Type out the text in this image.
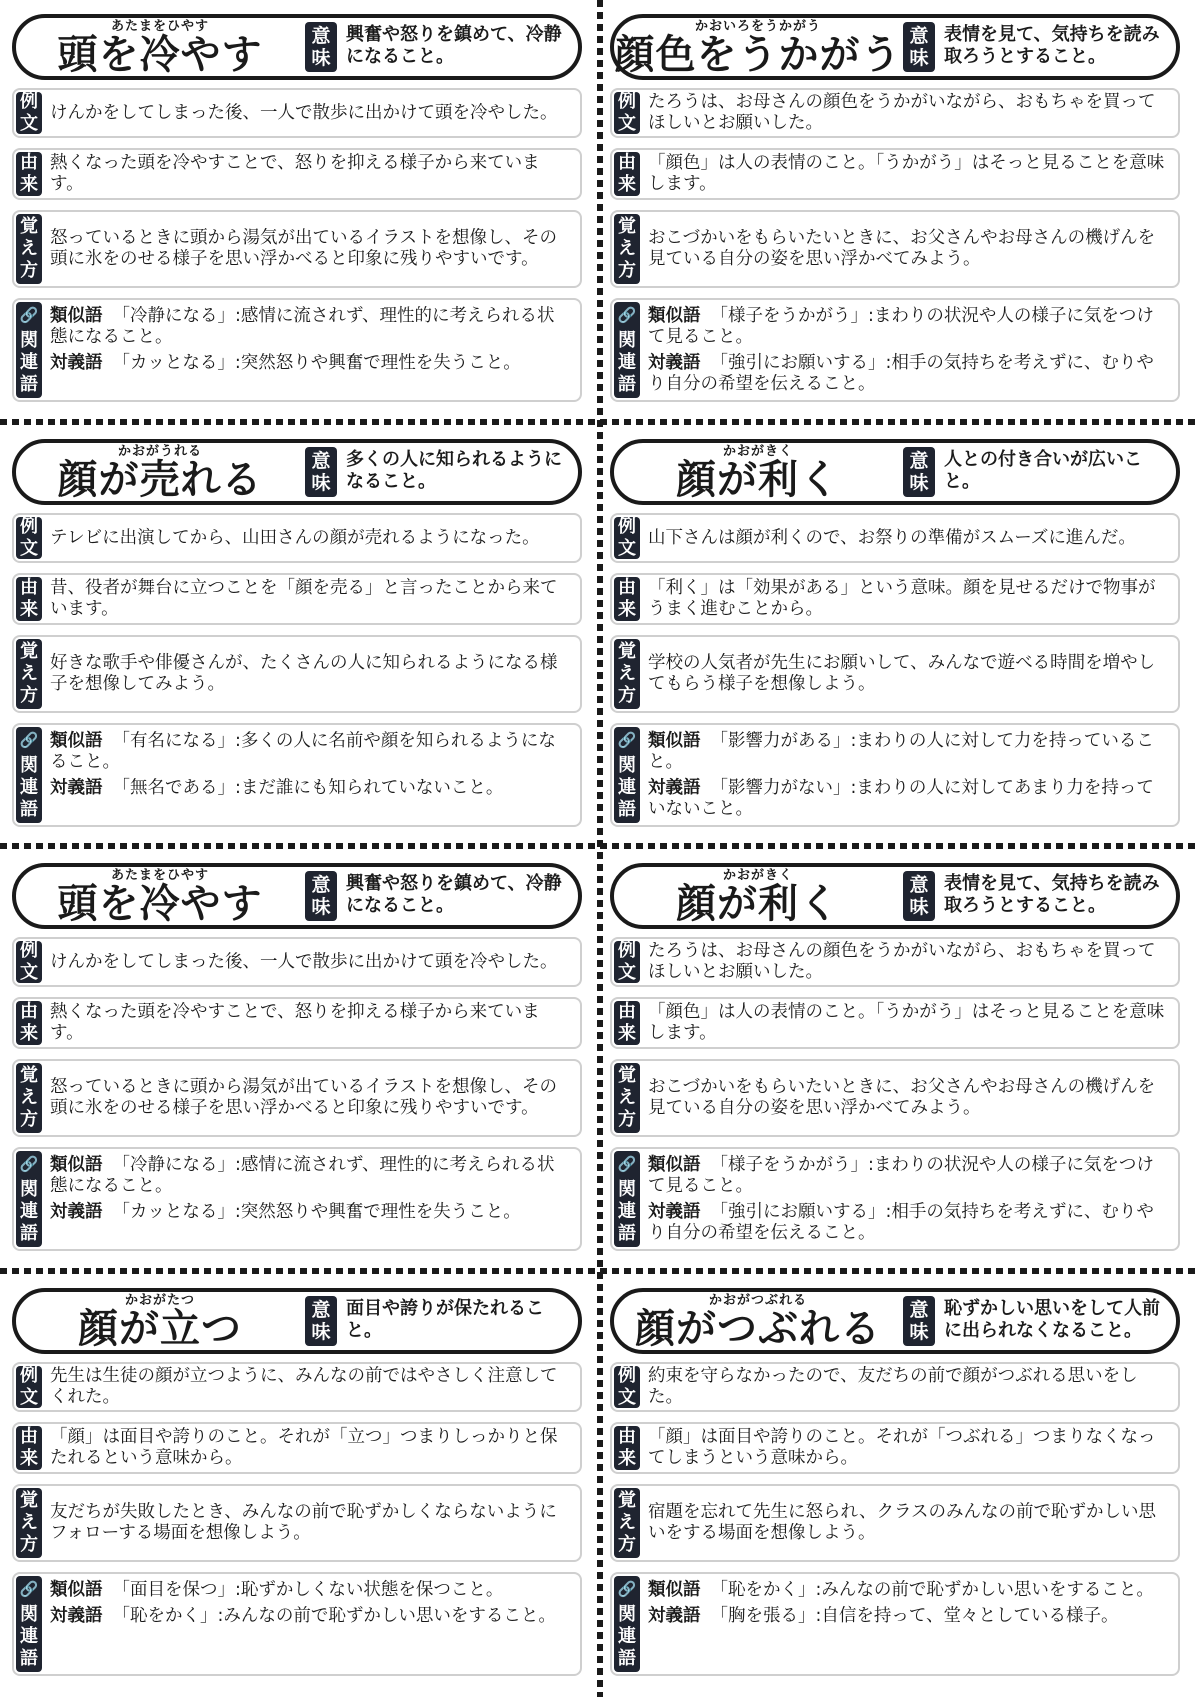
あたまをひやす
頭を冷やす	意
味
興奮や怒りを鎮めて、冷静になること。
例
文
けんかをしてしまった後、一人で散歩に出かけて頭を冷やした。
由
来
熱くなった頭を冷やすことで、怒りを抑える様子から来ています。
覚
え
方
怒っているときに頭から湯気が出ているイラストを想像し、その頭に氷をのせる様子を思い浮かべると印象に残りやすいです。
🔗
関
連
語

類似語 「冷静になる」:感情に流されず、理性的に考えられる状態になること。

対義語 「カッとなる」:突然怒りや興奮で理性を失うこと。

かおいろをうかがう
顔色をうかがう 意
味
表情を見て、気持ちを読み取ろうとすること。
例
文
たろうは、お母さんの顔色をうかがいながら、おもちゃを買ってほしいとお願いした。
由
来
「顔色」は人の表情のこと。「うかがう」はそっと見ることを意味します。
覚
え
方
おこづかいをもらいたいときに、お父さんやお母さんの機げんを見ている自分の姿を思い浮かべてみよう。
🔗
関
連
語

類似語 「様子をうかがう」:まわりの状況や人の様子に気をつけて見ること。

対義語 「強引にお願いする」:相手の気持ちを考えずに、むりやり自分の希望を伝えること。

かおがうれる
顔が売れる	意
味
多くの人に知られるようになること。
例
文
テレビに出演してから、山田さんの顔が売れるようになった。
由
来
昔、役者が舞台に立つことを「顔を売る」と言ったことから来ています。
覚
え
方
好きな歌手や俳優さんが、たくさんの人に知られるようになる様子を想像してみよう。
🔗
関
連
語

類似語 「有名になる」:多くの人に名前や顔を知られるようになること。

対義語 「無名である」:まだ誰にも知られていないこと。

かおがきく
顔が利く	意
味
人との付き合いが広いこと。
例
文
山下さんは顔が利くので、お祭りの準備がスムーズに進んだ。
由
来
「利く」は「効果がある」という意味。顔を見せるだけで物事がうまく進むことから。
覚
え
方
学校の人気者が先生にお願いして、みんなで遊べる時間を増やしてもらう様子を想像しよう。
🔗
関
連
語

類似語 「影響力がある」:まわりの人に対して力を持っていること。

対義語 「影響力がない」:まわりの人に対してあまり力を持っていないこと。

あたまをひやす
頭を冷やす	意
味
興奮や怒りを鎮めて、冷静になること。
例
文
けんかをしてしまった後、一人で散歩に出かけて頭を冷やした。
由
来
熱くなった頭を冷やすことで、怒りを抑える様子から来ています。
覚
え
方
怒っているときに頭から湯気が出ているイラストを想像し、その頭に氷をのせる様子を思い浮かべると印象に残りやすいです。
🔗
関
連
語

類似語 「冷静になる」:感情に流されず、理性的に考えられる状態になること。

対義語 「カッとなる」:突然怒りや興奮で理性を失うこと。

かおがきく
顔が利く	意
味
表情を見て、気持ちを読み取ろうとすること。
例
文
たろうは、お母さんの顔色をうかがいながら、おもちゃを買ってほしいとお願いした。
由
来
「顔色」は人の表情のこと。「うかがう」はそっと見ることを意味します。
覚
え
方
おこづかいをもらいたいときに、お父さんやお母さんの機げんを見ている自分の姿を思い浮かべてみよう。
🔗
関
連
語

類似語 「様子をうかがう」:まわりの状況や人の様子に気をつけて見ること。

対義語 「強引にお願いする」:相手の気持ちを考えずに、むりやり自分の希望を伝えること。

かおがたつ
顔が立つ	意
味
面目や誇りが保たれること。
例
文
先生は生徒の顔が立つように、みんなの前ではやさしく注意してくれた。
由
来
「顔」は面目や誇りのこと。それが「立つ」つまりしっかりと保たれるという意味から。
覚
え
方
友だちが失敗したとき、みんなの前で恥ずかしくならないようにフォローする場面を想像しよう。
🔗
関
連
語

類似語 「面目を保つ」:恥ずかしくない状態を保つこと。

対義語 「恥をかく」:みんなの前で恥ずかしい思いをすること。

かおがつぶれる
顔がつぶれる	意
味
恥ずかしい思いをして人前に出られなくなること。
例
文
約束を守らなかったので、友だちの前で顔がつぶれる思いをした。
由
来
「顔」は面目や誇りのこと。それが「つぶれる」つまりなくなってしまうという意味から。
覚
え
方
宿題を忘れて先生に怒られ、クラスのみんなの前で恥ずかしい思いをする場面を想像しよう。
🔗
関
連
語

類似語 「恥をかく」:みんなの前で恥ずかしい思いをすること。

対義語 「胸を張る」:自信を持って、堂々としている様子。
